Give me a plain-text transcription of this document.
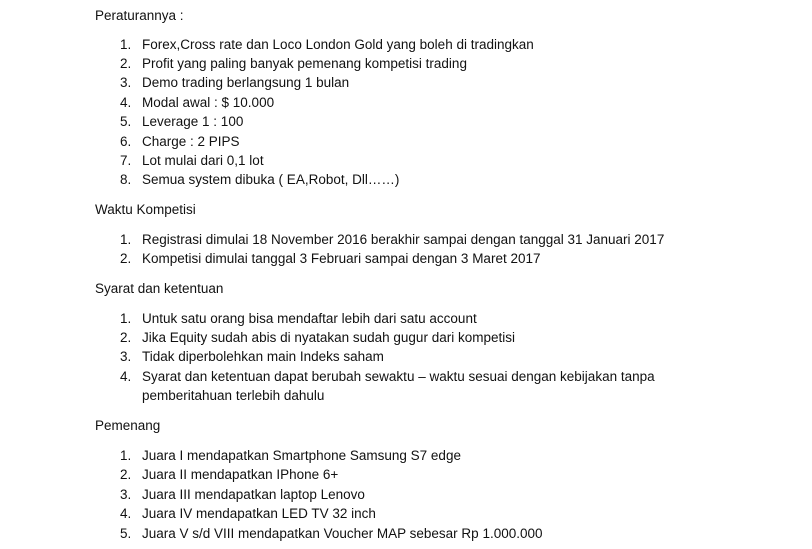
Peraturannya :
1. Forex,Cross rate dan Loco London Gold yang boleh di tradingkan
2. Profit yang paling banyak pemenang kompetisi trading
3. Demo trading berlangsung 1 bulan
4. Modal awal : $ 10.000
5. Leverage 1 : 100
6. Charge : 2 PIPS
7. Lot mulai dari 0,1 lot
8. Semua system dibuka ( EA,Robot, Dll……)
Waktu Kompetisi
1. Registrasi dimulai 18 November 2016 berakhir sampai dengan tanggal 31 Januari 2017
2. Kompetisi dimulai tanggal 3 Februari sampai dengan 3 Maret 2017
Syarat dan ketentuan
1. Untuk satu orang bisa mendaftar lebih dari satu account
2. Jika Equity sudah abis di nyatakan sudah gugur dari kompetisi
3. Tidak diperbolehkan main Indeks saham
4. Syarat dan ketentuan dapat berubah sewaktu – waktu sesuai dengan kebijakan tanpa
pemberitahuan terlebih dahulu
Pemenang
1. Juara I mendapatkan Smartphone Samsung S7 edge
2. Juara II mendapatkan IPhone 6+
3. Juara III mendapatkan laptop Lenovo
4. Juara IV mendapatkan LED TV 32 inch
5. Juara V s/d VIII mendapatkan Voucher MAP sebesar Rp 1.000.000
